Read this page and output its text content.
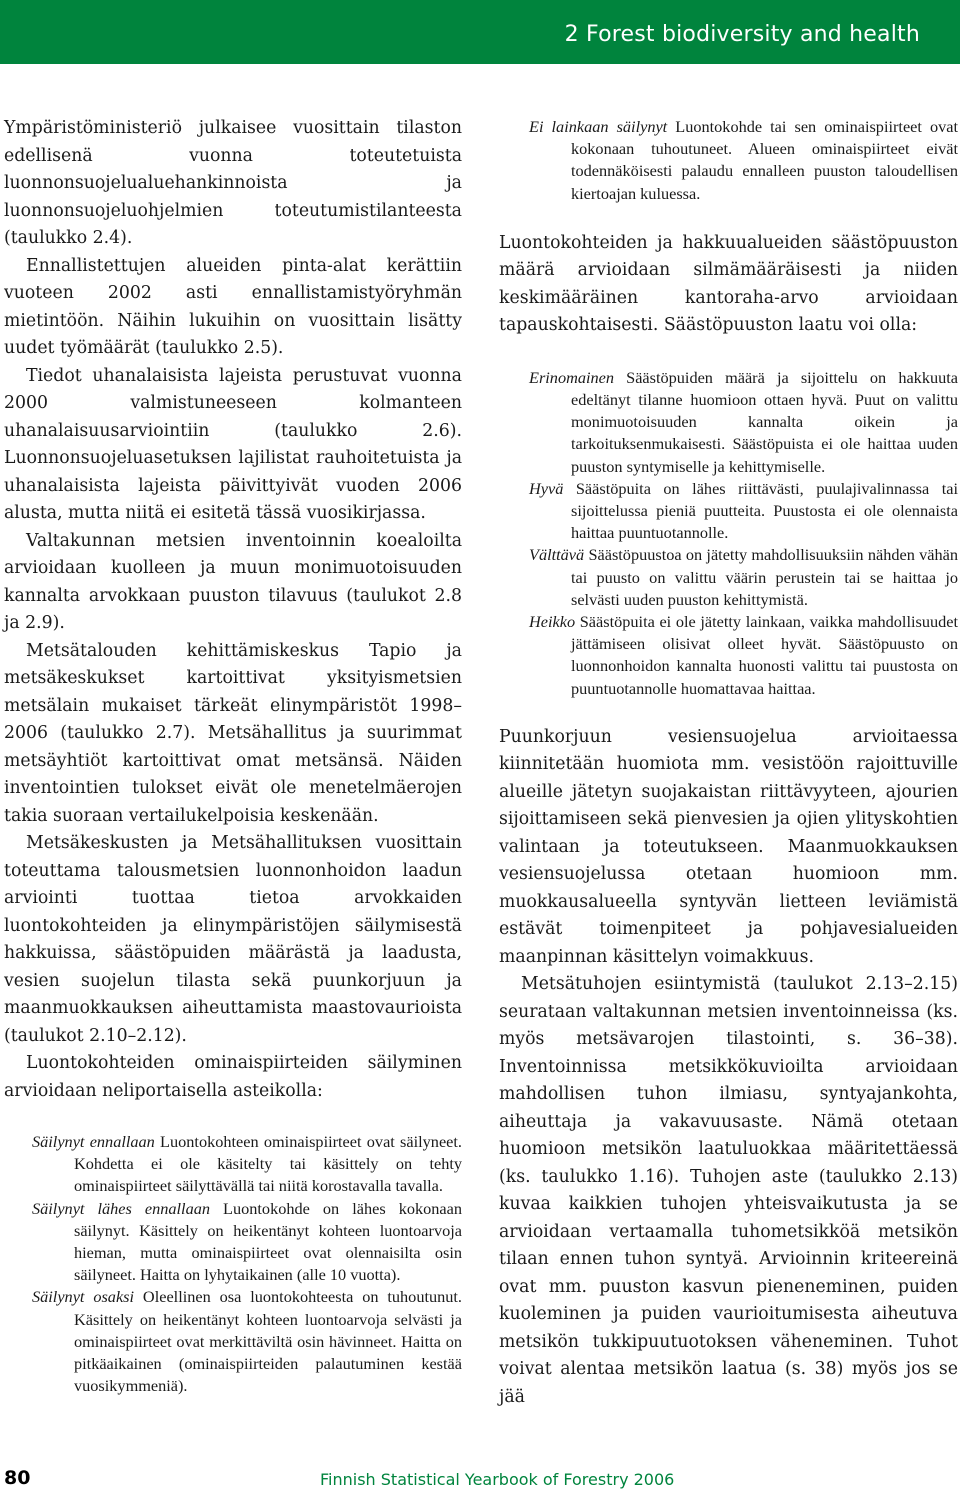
2 Forest biodiversity and health

Ympäristöministeriö julkaisee vuosittain tilaston edellisenä vuonna toteutetuista luonnonsuojelualuehankinnoista ja luonnonsuojeluohjelmien toteutumistilanteesta (taulukko 2.4).

Ennallistettujen alueiden pinta-alat kerättiin vuoteen 2002 asti ennallistamistyöryhmän mietintöön. Näihin lukuihin on vuosittain lisätty uudet työmäärät (taulukko 2.5).

Tiedot uhanalaisista lajeista perustuvat vuonna 2000 valmistuneeseen kolmanteen uhanalaisuusarviointiin (taulukko 2.6). Luonnonsuojeluasetuksen lajilistat rauhoitetuista ja uhanalaisista lajeista päivittyivät vuoden 2006 alusta, mutta niitä ei esitetä tässä vuosikirjassa.

Valtakunnan metsien inventoinnin koealoilta arvioidaan kuolleen ja muun monimuotoisuuden kannalta arvokkaan puuston tilavuus (taulukot 2.8 ja 2.9).

Metsätalouden kehittämiskeskus Tapio ja metsäkeskukset kartoittivat yksityismetsien metsälain mukaiset tärkeät elinympäristöt 1998–2006 (taulukko 2.7). Metsähallitus ja suurimmat metsäyhtiöt kartoittivat omat metsänsä. Näiden inventointien tulokset eivät ole menetelmäerojen takia suoraan vertailukelpoisia keskenään.

Metsäkeskusten ja Metsähallituksen vuosittain toteuttama talousmetsien luonnonhoidon laadun arviointi tuottaa tietoa arvokkaiden luontokohteiden ja elinympäristöjen säilymisestä hakkuissa, säästöpuiden määrästä ja laadusta, vesien suojelun tilasta sekä puunkorjuun ja maanmuokkauksen aiheuttamista maastovaurioista (taulukot 2.10–2.12).

Luontokohteiden ominaispiirteiden säilyminen arvioidaan neliportaisella asteikolla:

Säilynyt ennallaan Luontokohteen ominaispiirteet ovat säilyneet. Kohdetta ei ole käsitelty tai käsittely on tehty ominaispiirteet säilyttävällä tai niitä korostavalla tavalla.

Säilynyt lähes ennallaan Luontokohde on lähes kokonaan säilynyt. Käsittely on heikentänyt kohteen luontoarvoja hieman, mutta ominaispiirteet ovat olennaisilta osin säilyneet. Haitta on lyhytaikainen (alle 10 vuotta).

Säilynyt osaksi Oleellinen osa luontokohteesta on tuhoutunut. Käsittely on heikentänyt kohteen luontoarvoja selvästi ja ominaispiirteet ovat merkittäviltä osin hävinneet. Haitta on pitkäaikainen (ominaispiirteiden palautuminen kestää vuosikymmeniä).

Ei lainkaan säilynyt Luontokohde tai sen ominaispiirteet ovat kokonaan tuhoutuneet. Alueen ominaispiirteet eivät todennäköisesti palaudu ennalleen puuston taloudellisen kiertoajan kuluessa.

Luontokohteiden ja hakkuualueiden säästöpuuston määrä arvioidaan silmämääräisesti ja niiden keskimääräinen kantoraha-arvo arvioidaan tapauskohtaisesti. Säästöpuuston laatu voi olla:

Erinomainen Säästöpuiden määrä ja sijoittelu on hakkuuta edeltänyt tilanne huomioon ottaen hyvä. Puut on valittu monimuotoisuuden kannalta oikein ja tarkoituksenmukaisesti. Säästöpuista ei ole haittaa uuden puuston syntymiselle ja kehittymiselle.

Hyvä Säästöpuita on lähes riittävästi, puulajivalinnassa tai sijoittelussa pieniä puutteita. Puustosta ei ole olennaista haittaa puuntuotannolle.

Välttävä Säästöpuustoa on jätetty mahdollisuuksiin nähden vähän tai puusto on valittu väärin perustein tai se haittaa jo selvästi uuden puuston kehittymistä.

Heikko Säästöpuita ei ole jätetty lainkaan, vaikka mahdollisuudet jättämiseen olisivat olleet hyvät. Säästöpuusto on luonnonhoidon kannalta huonosti valittu tai puustosta on puuntuotannolle huomattavaa haittaa.

Puunkorjuun vesiensuojelua arvioitaessa kiinnitetään huomiota mm. vesistöön rajoittuville alueille jätetyn suojakaistan riittävyyteen, ajourien sijoittamiseen sekä pienvesien ja ojien ylityskohtien valintaan ja toteutukseen. Maanmuokkauksen vesiensuojelussa otetaan huomioon mm. muokkausalueella syntyvän lietteen leviämistä estävät toimenpiteet ja pohjavesialueiden maanpinnan käsittelyn voimakkuus.

Metsätuhojen esiintymistä (taulukot 2.13–2.15) seurataan valtakunnan metsien inventoinneissa (ks. myös metsävarojen tilastointi, s. 36–38). Inventoinnissa metsikkökuvioilta arvioidaan mahdollisen tuhon ilmiasu, syntyajankohta, aiheuttaja ja vakavuusaste. Nämä otetaan huomioon metsikön laatuluokkaa määritettäessä (ks. taulukko 1.16). Tuhojen aste (taulukko 2.13) kuvaa kaikkien tuhojen yhteisvaikutusta ja se arvioidaan vertaamalla tuhometsikköä metsikön tilaan ennen tuhon syntyä. Arvioinnin kriteereinä ovat mm. puuston kasvun pieneneminen, puiden kuoleminen ja puiden vaurioitumisesta aiheutuva metsikön tukkipuutuotoksen väheneminen. Tuhot voivat alentaa metsikön laatua (s. 38) myös jos se jää

80	Finnish Statistical Yearbook of Forestry 2006
